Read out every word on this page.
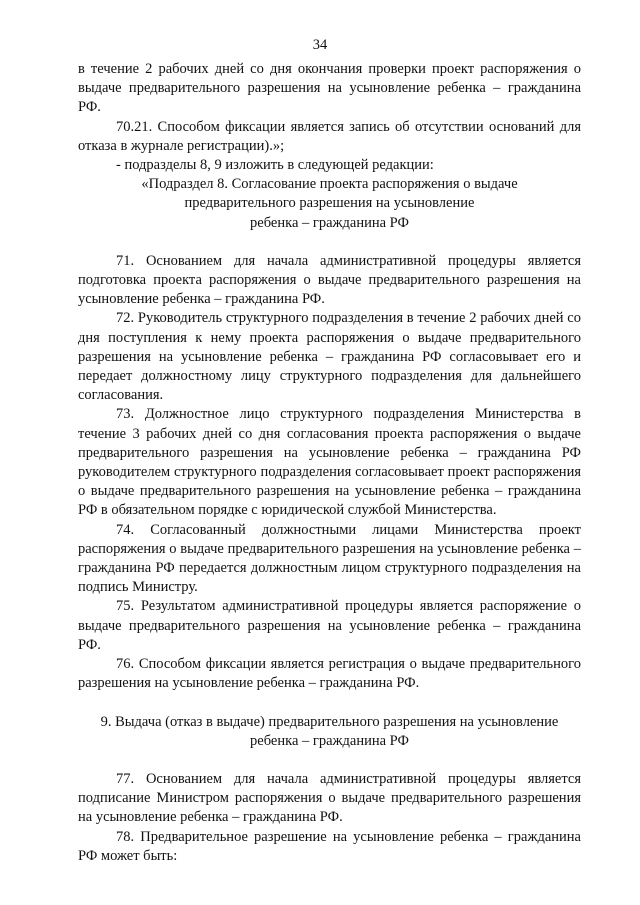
34

в течение 2 рабочих дней со дня окончания проверки проект распоряжения о выдаче предварительного разрешения на усыновление ребенка – гражданина РФ.

70.21. Способом фиксации является запись об отсутствии оснований для отказа в журнале регистрации).»;

- подразделы 8, 9 изложить в следующей редакции:

«Подраздел 8. Согласование проекта распоряжения о выдаче
предварительного разрешения на усыновление
ребенка – гражданина РФ

71. Основанием для начала административной процедуры является подготовка проекта распоряжения о выдаче предварительного разрешения на усыновление ребенка – гражданина РФ.

72. Руководитель структурного подразделения в течение 2 рабочих дней со дня поступления к нему проекта распоряжения о выдаче предварительного разрешения на усыновление ребенка – гражданина РФ согласовывает его и передает должностному лицу структурного подразделения для дальнейшего согласования.

73. Должностное лицо структурного подразделения Министерства в течение 3 рабочих дней со дня согласования проекта распоряжения о выдаче предварительного разрешения на усыновление ребенка – гражданина РФ руководителем структурного подразделения согласовывает проект распоряжения о выдаче предварительного разрешения на усыновление ребенка – гражданина РФ в обязательном порядке с юридической службой Министерства.

74. Согласованный должностными лицами Министерства проект распоряжения о выдаче предварительного разрешения на усыновление ребенка – гражданина РФ передается должностным лицом структурного подразделения на подпись Министру.

75. Результатом административной процедуры является распоряжение о выдаче предварительного разрешения на усыновление ребенка – гражданина РФ.

76. Способом фиксации является регистрация о выдаче предварительного разрешения на усыновление ребенка – гражданина РФ.

9. Выдача (отказ в выдаче) предварительного разрешения на усыновление
ребенка – гражданина РФ

77. Основанием для начала административной процедуры является подписание Министром распоряжения о выдаче предварительного разрешения на усыновление ребенка – гражданина РФ.

78. Предварительное разрешение на усыновление ребенка – гражданина РФ может быть:
